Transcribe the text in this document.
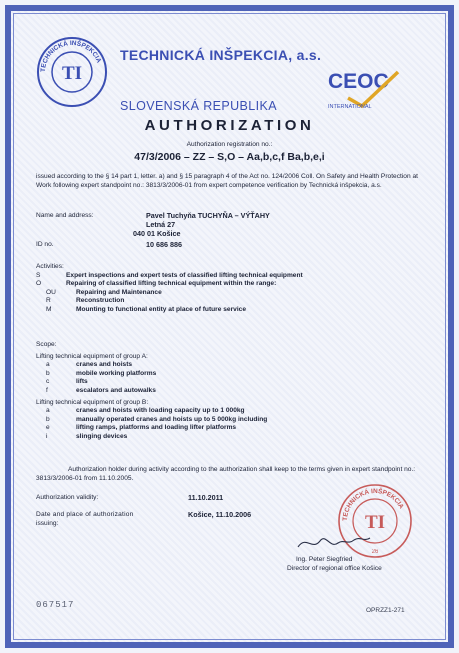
TECHNICKÁ INŠPEKCIA
TI
TECHNICKÁ INŠPEKCIA, a.s.
CEOC
INTERNATIONAL
SLOVENSKÁ REPUBLIKA
AUTHORIZATION
Authorization registration no.:
47/3/2006 – ZZ – S,O – Aa,b,c,f Ba,b,e,i
issued according to the § 14 part 1, letter. a) and § 15 paragraph 4 of the Act no. 124/2006 Coll. On Safety and Health Protection at Work following expert standpoint no.: 3813/3/2006-01 from expert competence verification by Technická inšpekcia, a.s.
Name and address:	Pavel Tuchyňa TUCHYŇA – VÝŤAHY
Letná 27
040 01 Košice
ID no.	10 686 886
Activities:
S	Expert inspections and expert tests of classified lifting technical equipment
O	Repairing of classified lifting technical equipment within the range:
OU	Repairing and Maintenance
R	Reconstruction
M	Mounting to functional entity at place of future service
Scope:
Lifting technical equipment of group A:
a	cranes and hoists
b	mobile working platforms
c	lifts
f	escalators and autowalks
Lifting technical equipment of group B:
a	cranes and hoists with loading capacity up to 1 000kg
b	manually operated cranes and hoists up to 5 000kg including
e	lifting ramps, platforms and loading lifter platforms
i	slinging devices
Authorization holder during activity according to the authorization shall keep to the terms given in expert standpoint no.: 3813/3/2006-01 from 11.10.2005.
Authorization validity:	11.10.2011
Date and place of authorization
issuing:
Košice, 11.10.2006	TECHNICKÁ INŠPEKCIA
TI
26
Ing. Peter Siegfried
Director of regional office Košice
067517
OPRZZ1-271
